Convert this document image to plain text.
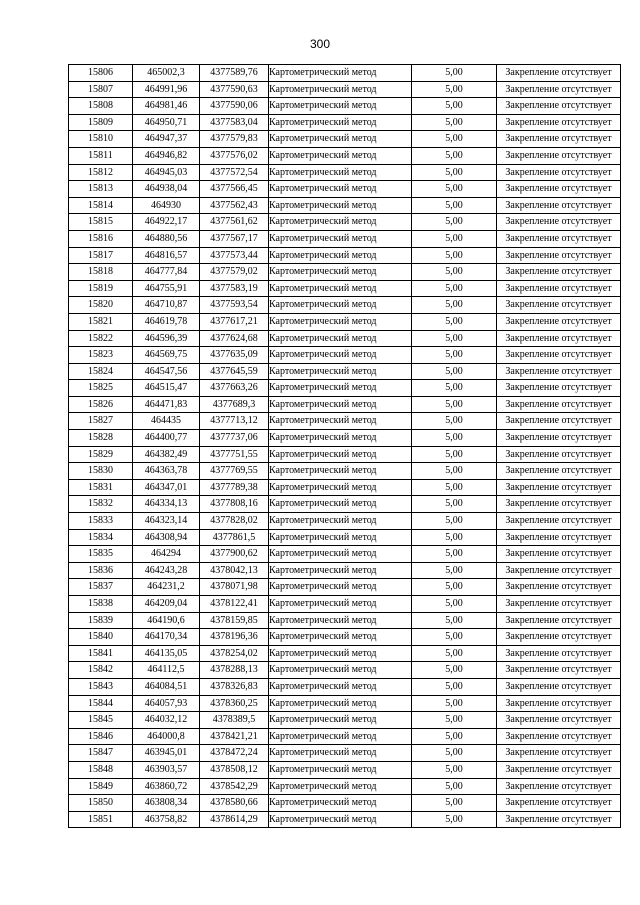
300
15806	465002,3	4377589,76	Картометрический метод	5,00	Закрепление отсутствует
15807	464991,96	4377590,63	Картометрический метод	5,00	Закрепление отсутствует
15808	464981,46	4377590,06	Картометрический метод	5,00	Закрепление отсутствует
15809	464950,71	4377583,04	Картометрический метод	5,00	Закрепление отсутствует
15810	464947,37	4377579,83	Картометрический метод	5,00	Закрепление отсутствует
15811	464946,82	4377576,02	Картометрический метод	5,00	Закрепление отсутствует
15812	464945,03	4377572,54	Картометрический метод	5,00	Закрепление отсутствует
15813	464938,04	4377566,45	Картометрический метод	5,00	Закрепление отсутствует
15814	464930	4377562,43	Картометрический метод	5,00	Закрепление отсутствует
15815	464922,17	4377561,62	Картометрический метод	5,00	Закрепление отсутствует
15816	464880,56	4377567,17	Картометрический метод	5,00	Закрепление отсутствует
15817	464816,57	4377573,44	Картометрический метод	5,00	Закрепление отсутствует
15818	464777,84	4377579,02	Картометрический метод	5,00	Закрепление отсутствует
15819	464755,91	4377583,19	Картометрический метод	5,00	Закрепление отсутствует
15820	464710,87	4377593,54	Картометрический метод	5,00	Закрепление отсутствует
15821	464619,78	4377617,21	Картометрический метод	5,00	Закрепление отсутствует
15822	464596,39	4377624,68	Картометрический метод	5,00	Закрепление отсутствует
15823	464569,75	4377635,09	Картометрический метод	5,00	Закрепление отсутствует
15824	464547,56	4377645,59	Картометрический метод	5,00	Закрепление отсутствует
15825	464515,47	4377663,26	Картометрический метод	5,00	Закрепление отсутствует
15826	464471,83	4377689,3	Картометрический метод	5,00	Закрепление отсутствует
15827	464435	4377713,12	Картометрический метод	5,00	Закрепление отсутствует
15828	464400,77	4377737,06	Картометрический метод	5,00	Закрепление отсутствует
15829	464382,49	4377751,55	Картометрический метод	5,00	Закрепление отсутствует
15830	464363,78	4377769,55	Картометрический метод	5,00	Закрепление отсутствует
15831	464347,01	4377789,38	Картометрический метод	5,00	Закрепление отсутствует
15832	464334,13	4377808,16	Картометрический метод	5,00	Закрепление отсутствует
15833	464323,14	4377828,02	Картометрический метод	5,00	Закрепление отсутствует
15834	464308,94	4377861,5	Картометрический метод	5,00	Закрепление отсутствует
15835	464294	4377900,62	Картометрический метод	5,00	Закрепление отсутствует
15836	464243,28	4378042,13	Картометрический метод	5,00	Закрепление отсутствует
15837	464231,2	4378071,98	Картометрический метод	5,00	Закрепление отсутствует
15838	464209,04	4378122,41	Картометрический метод	5,00	Закрепление отсутствует
15839	464190,6	4378159,85	Картометрический метод	5,00	Закрепление отсутствует
15840	464170,34	4378196,36	Картометрический метод	5,00	Закрепление отсутствует
15841	464135,05	4378254,02	Картометрический метод	5,00	Закрепление отсутствует
15842	464112,5	4378288,13	Картометрический метод	5,00	Закрепление отсутствует
15843	464084,51	4378326,83	Картометрический метод	5,00	Закрепление отсутствует
15844	464057,93	4378360,25	Картометрический метод	5,00	Закрепление отсутствует
15845	464032,12	4378389,5	Картометрический метод	5,00	Закрепление отсутствует
15846	464000,8	4378421,21	Картометрический метод	5,00	Закрепление отсутствует
15847	463945,01	4378472,24	Картометрический метод	5,00	Закрепление отсутствует
15848	463903,57	4378508,12	Картометрический метод	5,00	Закрепление отсутствует
15849	463860,72	4378542,29	Картометрический метод	5,00	Закрепление отсутствует
15850	463808,34	4378580,66	Картометрический метод	5,00	Закрепление отсутствует
15851	463758,82	4378614,29	Картометрический метод	5,00	Закрепление отсутствует
